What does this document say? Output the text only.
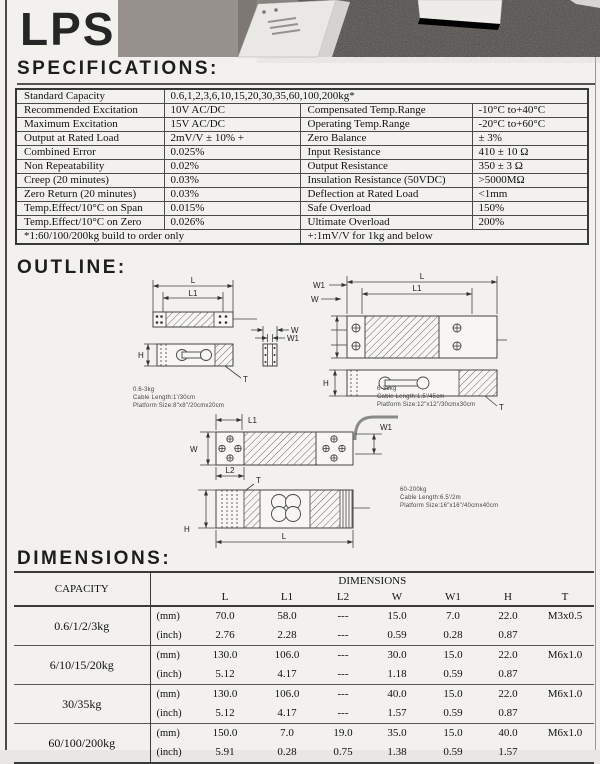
LPS
SPECIFICATIONS:
Standard Capacity	0.6,1,2,3,6,10,15,20,30,35,60,100,200kg*		
Recommended Excitation	10V AC/DC	Compensated Temp.Range	-10°C to+40°C
Maximum Excitation	15V AC/DC	Operating Temp.Range	-20°C to+60°C
Output at Rated Load	2mV/V ± 10% +	Zero Balance	± 3%
Combined Error	0.025%	Input Resistance	410 ± 10 Ω
Non Repeatability	0.02%	Output Resistance	350 ± 3 Ω
Creep (20 minutes)	0.03%	Insulation Resistance (50VDC)	>5000MΩ
Zero Return (20 minutes)	0.03%	Deflection at Rated Load	<1mm
Temp.Effect/10°C on Span	0.015%	Safe Overload	150%
Temp.Effect/10°C on Zero	0.026%	Ultimate Overload	200%
*1:60/100/200kg build to order only		+:1mV/V for 1kg and below	
OUTLINE:
L
L1
H
T
W
W1
0.6-3kg
Cable Length:1'/30cm
Platform Size:8"x8"/20cmx20cm
L
L1
W1
W
H
T
6-35kg
Cable Length:1.5'/45cm
Platform Size:12"x12"/30cmx30cm
L1
W1
W
L2
T
H
L
60-200kg
Cable Length:6.5'/2m
Platform Size:16"x16"/40cmx40cm
DIMENSIONS:
CAPACITY	DIMENSIONS							
		L	L1	L2	W	W1	H	T
0.6/1/2/3kg	(mm)	70.0	58.0	---	15.0	7.0	22.0	M3x0.5
	(inch)	2.76	2.28	---	0.59	0.28	0.87	
6/10/15/20kg	(mm)	130.0	106.0	---	30.0	15.0	22.0	M6x1.0
	(inch)	5.12	4.17	---	1.18	0.59	0.87	
30/35kg	(mm)	130.0	106.0	---	40.0	15.0	22.0	M6x1.0
	(inch)	5.12	4.17	---	1.57	0.59	0.87	
60/100/200kg	(mm)	150.0	7.0	19.0	35.0	15.0	40.0	M6x1.0
	(inch)	5.91	0.28	0.75	1.38	0.59	1.57	
